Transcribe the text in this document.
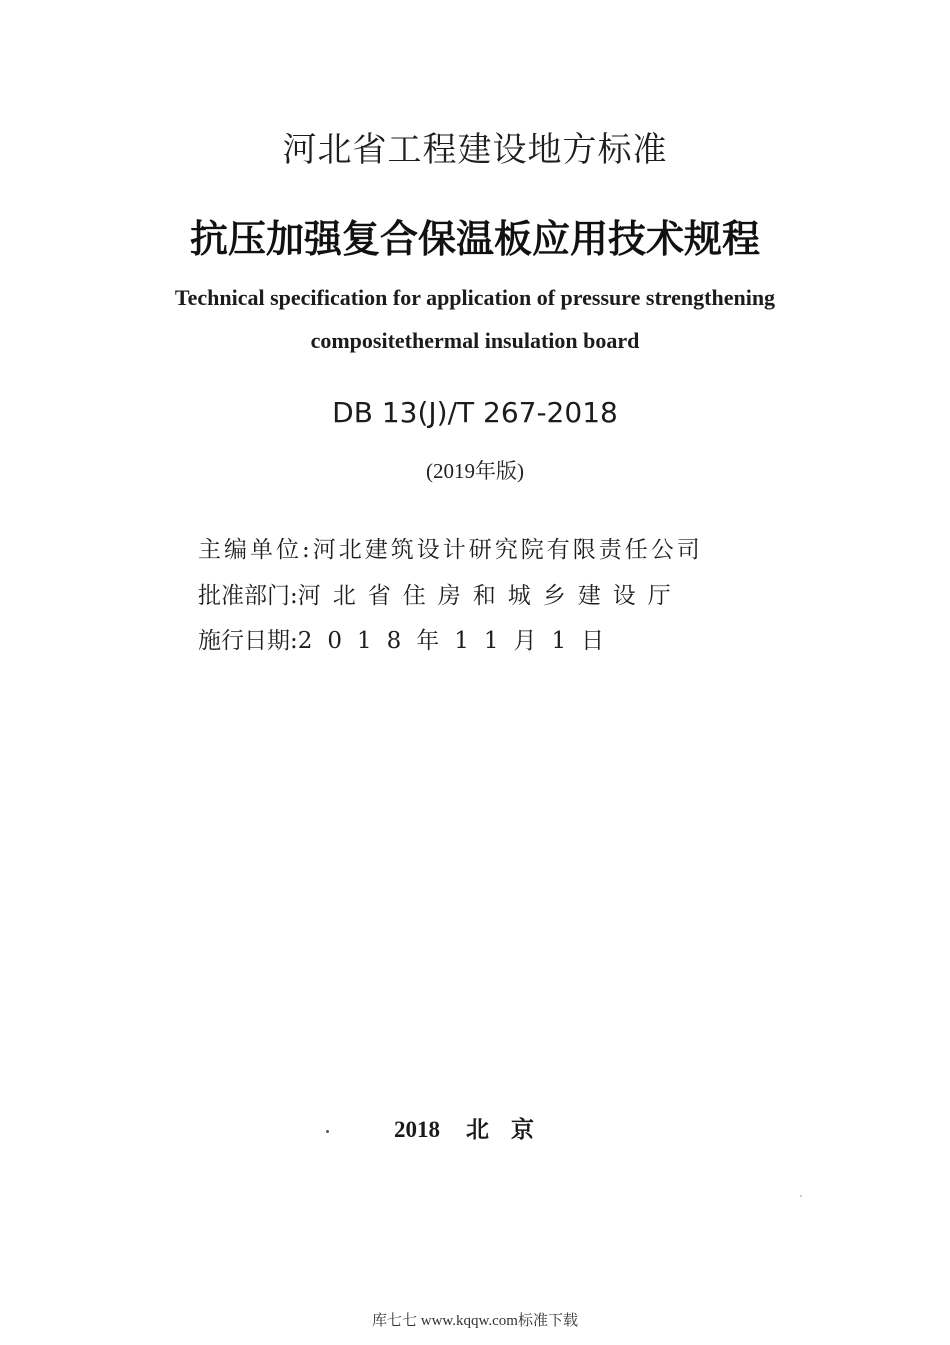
河北省工程建设地方标准
抗压加强复合保温板应用技术规程
Technical specification for application of pressure strengthening
compositethermal insulation board
DB 13(J)/T 267-2018
(2019年版)
主编单位:河北建筑设计研究院有限责任公司
批准部门:河北省住房和城乡建设厅
施行日期:2018年11月1日
2018 北京
库七七 www.kqqw.com标准下载
